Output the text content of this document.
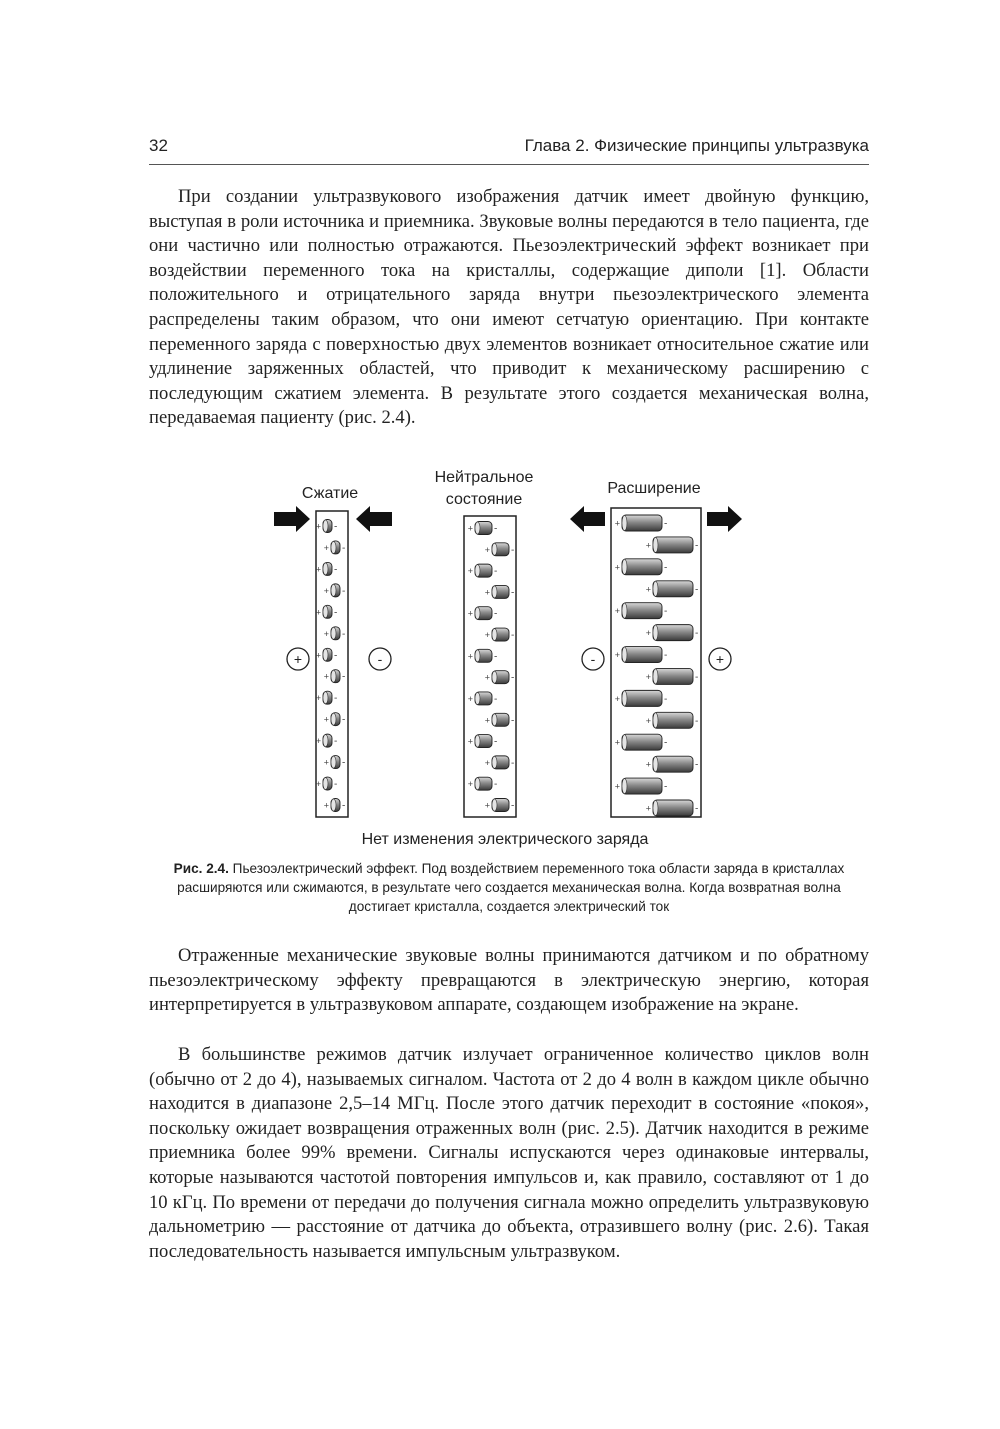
32	Глава 2. Физические принципы ультразвука

При создании ультразвукового изображения датчик имеет двойную функцию, выступая в роли источника и приемника. Звуковые волны передаются в тело пациента, где они частично или полностью отражаются. Пьезоэлектрический эффект возникает при воздействии переменного тока на кристаллы, содержащие диполи [1]. Области положительного и отрицательного заряда внутри пьезоэлектрического элемента распределены таким образом, что они имеют сетчатую ориентацию. При контакте переменного заряда с поверхностью двух элементов возникает относительное сжатие или удлинение заряженных областей, что приводит к механическому расширению с последующим сжатием элемента. В результате этого создается механическая волна, передаваемая пациенту (рис. 2.4).

Сжатие
Нейтральное
состояние
Расширение
+	-	-	+
+ -
+ -
+ -
+ -
+ -
+ -
+ -
+ -
+ -
+ -
+ -
+ -
+ -
+ -
+ -
+ -
+ -
+ -
+ -
+ -
+ -
+ -
+ -
+ -
+ -
+ -
+ -
+ -
+	-
+	-
+	-
+	-
+	-
+	-
+	-
+	-
+	-
+	-
+	-
+	-
+	-
+	-
Нет изменения электрического заряда

Рис. 2.4. Пьезоэлектрический эффект. Под воздействием переменного тока области заряда в кристаллах расширяются или сжимаются, в результате чего создается механическая волна. Когда возвратная волна достигает кристалла, создается электрический ток

Отраженные механические звуковые волны принимаются датчиком и по обратному пьезоэлектрическому эффекту превращаются в электрическую энергию, которая интерпретируется в ультразвуковом аппарате, создающем изображение на экране.

В большинстве режимов датчик излучает ограниченное количество циклов волн (обычно от 2 до 4), называемых сигналом. Частота от 2 до 4 волн в каждом цикле обычно находится в диапазоне 2,5–14 МГц. После этого датчик переходит в состояние «покоя», поскольку ожидает возвращения отраженных волн (рис. 2.5). Датчик находится в режиме приемника более 99% времени. Сигналы испускаются через одинаковые интервалы, которые называются частотой повторения импульсов и, как правило, составляют от 1 до 10 кГц. По времени от передачи до получения сигнала можно определить ультразвуковую дальнометрию — расстояние от датчика до объекта, отразившего волну (рис. 2.6). Такая последовательность называется импульсным ультразвуком.
